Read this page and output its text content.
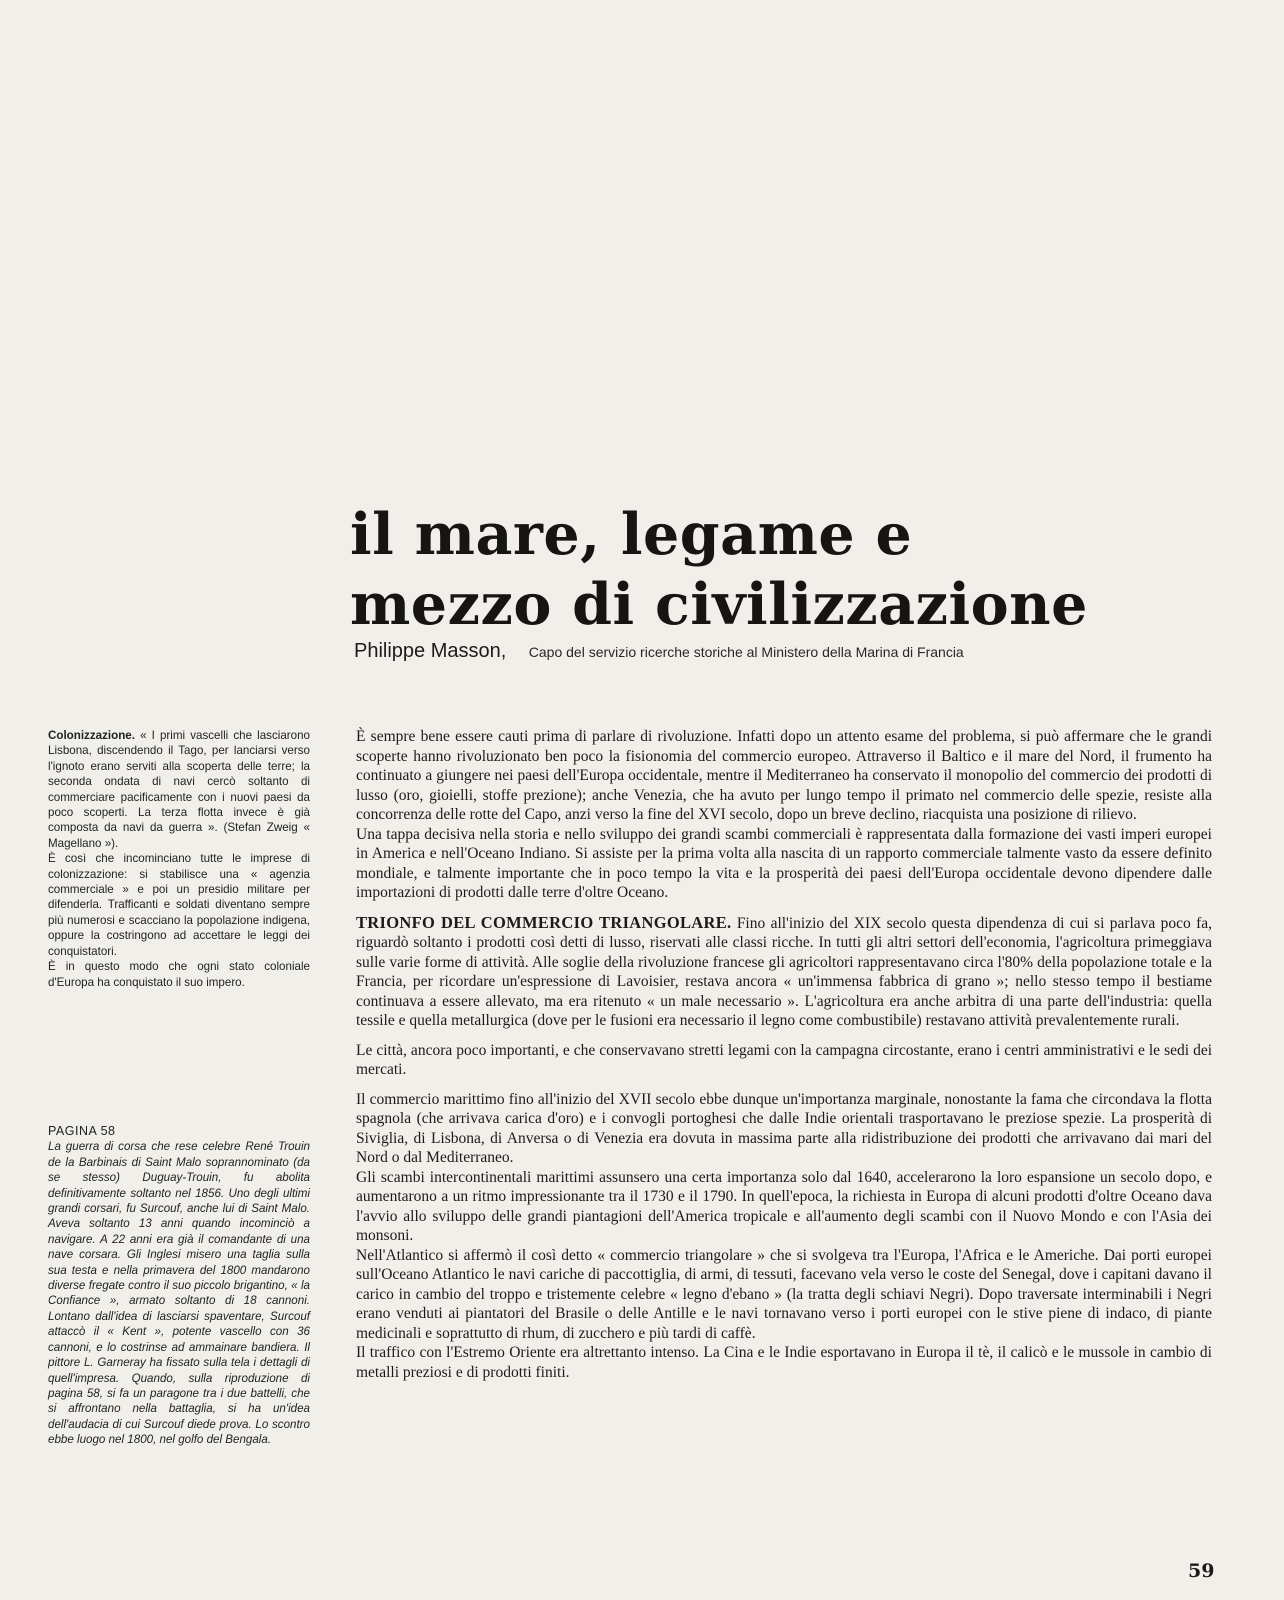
il mare, legame e
mezzo di civilizzazione
Philippe Masson, Capo del servizio ricerche storiche al Ministero della Marina di Francia

Colonizzazione. « I primi vascelli che lasciarono Lisbona, discendendo il Tago, per lanciarsi verso l'ignoto erano serviti alla scoperta delle terre; la seconda ondata di navi cercò soltanto di commerciare pacificamente con i nuovi paesi da poco scoperti. La terza flotta invece è già composta da navi da guerra ». (Stefan Zweig « Magellano »).

È così che incominciano tutte le imprese di colonizzazione: si stabilisce una « agenzia commerciale » e poi un presidio militare per difenderla. Trafficanti e soldati diventano sempre più numerosi e scacciano la popolazione indigena, oppure la costringono ad accettare le leggi dei conquistatori.

È in questo modo che ogni stato coloniale d'Europa ha conquistato il suo impero.

PAGINA 58
La guerra di corsa che rese celebre René Trouin de la Barbinais di Saint Malo soprannominato (da se stesso) Duguay-Trouin, fu abolita definitivamente soltanto nel 1856. Uno degli ultimi grandi corsari, fu Surcouf, anche lui di Saint Malo. Aveva soltanto 13 anni quando incominciò a navigare. A 22 anni era già il comandante di una nave corsara. Gli Inglesi misero una taglia sulla sua testa e nella primavera del 1800 mandarono diverse fregate contro il suo piccolo brigantino, « la Confiance », armato soltanto di 18 cannoni. Lontano dall'idea di lasciarsi spaventare, Surcouf attaccò il « Kent », potente vascello con 36 cannoni, e lo costrinse ad ammainare bandiera. Il pittore L. Garneray ha fissato sulla tela i dettagli di quell'impresa. Quando, sulla riproduzione di pagina 58, si fa un paragone tra i due battelli, che si affrontano nella battaglia, si ha un'idea dell'audacia di cui Surcouf diede prova. Lo scontro ebbe luogo nel 1800, nel golfo del Bengala.

È sempre bene essere cauti prima di parlare di rivoluzione. Infatti dopo un attento esame del problema, si può affermare che le grandi scoperte hanno rivoluzionato ben poco la fisionomia del commercio europeo. Attraverso il Baltico e il mare del Nord, il frumento ha continuato a giungere nei paesi dell'Europa occidentale, mentre il Mediterraneo ha conservato il monopolio del commercio dei prodotti di lusso (oro, gioielli, stoffe prezione); anche Venezia, che ha avuto per lungo tempo il primato nel commercio delle spezie, resiste alla concorrenza delle rotte del Capo, anzi verso la fine del XVI secolo, dopo un breve declino, riacquista una posizione di rilievo.

Una tappa decisiva nella storia e nello sviluppo dei grandi scambi commerciali è rappresentata dalla formazione dei vasti imperi europei in America e nell'Oceano Indiano. Si assiste per la prima volta alla nascita di un rapporto commerciale talmente vasto da essere definito mondiale, e talmente importante che in poco tempo la vita e la prosperità dei paesi dell'Europa occidentale devono dipendere dalle importazioni di prodotti dalle terre d'oltre Oceano.

TRIONFO DEL COMMERCIO TRIANGOLARE. Fino all'inizio del XIX secolo questa dipendenza di cui si parlava poco fa, riguardò soltanto i prodotti così detti di lusso, riservati alle classi ricche. In tutti gli altri settori dell'economia, l'agricoltura primeggiava sulle varie forme di attività. Alle soglie della rivoluzione francese gli agricoltori rappresentavano circa l'80% della popolazione totale e la Francia, per ricordare un'espressione di Lavoisier, restava ancora « un'immensa fabbrica di grano »; nello stesso tempo il bestiame continuava a essere allevato, ma era ritenuto « un male necessario ». L'agricoltura era anche arbitra di una parte dell'industria: quella tessile e quella metallurgica (dove per le fusioni era necessario il legno come combustibile) restavano attività prevalentemente rurali.

Le città, ancora poco importanti, e che conservavano stretti legami con la campagna circostante, erano i centri amministrativi e le sedi dei mercati.

Il commercio marittimo fino all'inizio del XVII secolo ebbe dunque un'importanza marginale, nonostante la fama che circondava la flotta spagnola (che arrivava carica d'oro) e i convogli portoghesi che dalle Indie orientali trasportavano le preziose spezie. La prosperità di Siviglia, di Lisbona, di Anversa o di Venezia era dovuta in massima parte alla ridistribuzione dei prodotti che arrivavano dai mari del Nord o dal Mediterraneo.

Gli scambi intercontinentali marittimi assunsero una certa importanza solo dal 1640, accelerarono la loro espansione un secolo dopo, e aumentarono a un ritmo impressionante tra il 1730 e il 1790. In quell'epoca, la richiesta in Europa di alcuni prodotti d'oltre Oceano dava l'avvio allo sviluppo delle grandi piantagioni dell'America tropicale e all'aumento degli scambi con il Nuovo Mondo e con l'Asia dei monsoni.

Nell'Atlantico si affermò il così detto « commercio triangolare » che si svolgeva tra l'Europa, l'Africa e le Americhe. Dai porti europei sull'Oceano Atlantico le navi cariche di paccottiglia, di armi, di tessuti, facevano vela verso le coste del Senegal, dove i capitani davano il carico in cambio del troppo e tristemente celebre « legno d'ebano » (la tratta degli schiavi Negri). Dopo traversate interminabili i Negri erano venduti ai piantatori del Brasile o delle Antille e le navi tornavano verso i porti europei con le stive piene di indaco, di piante medicinali e soprattutto di rhum, di zucchero e più tardi di caffè.

Il traffico con l'Estremo Oriente era altrettanto intenso. La Cina e le Indie esportavano in Europa il tè, il calicò e le mussole in cambio di metalli preziosi e di prodotti finiti.

59
